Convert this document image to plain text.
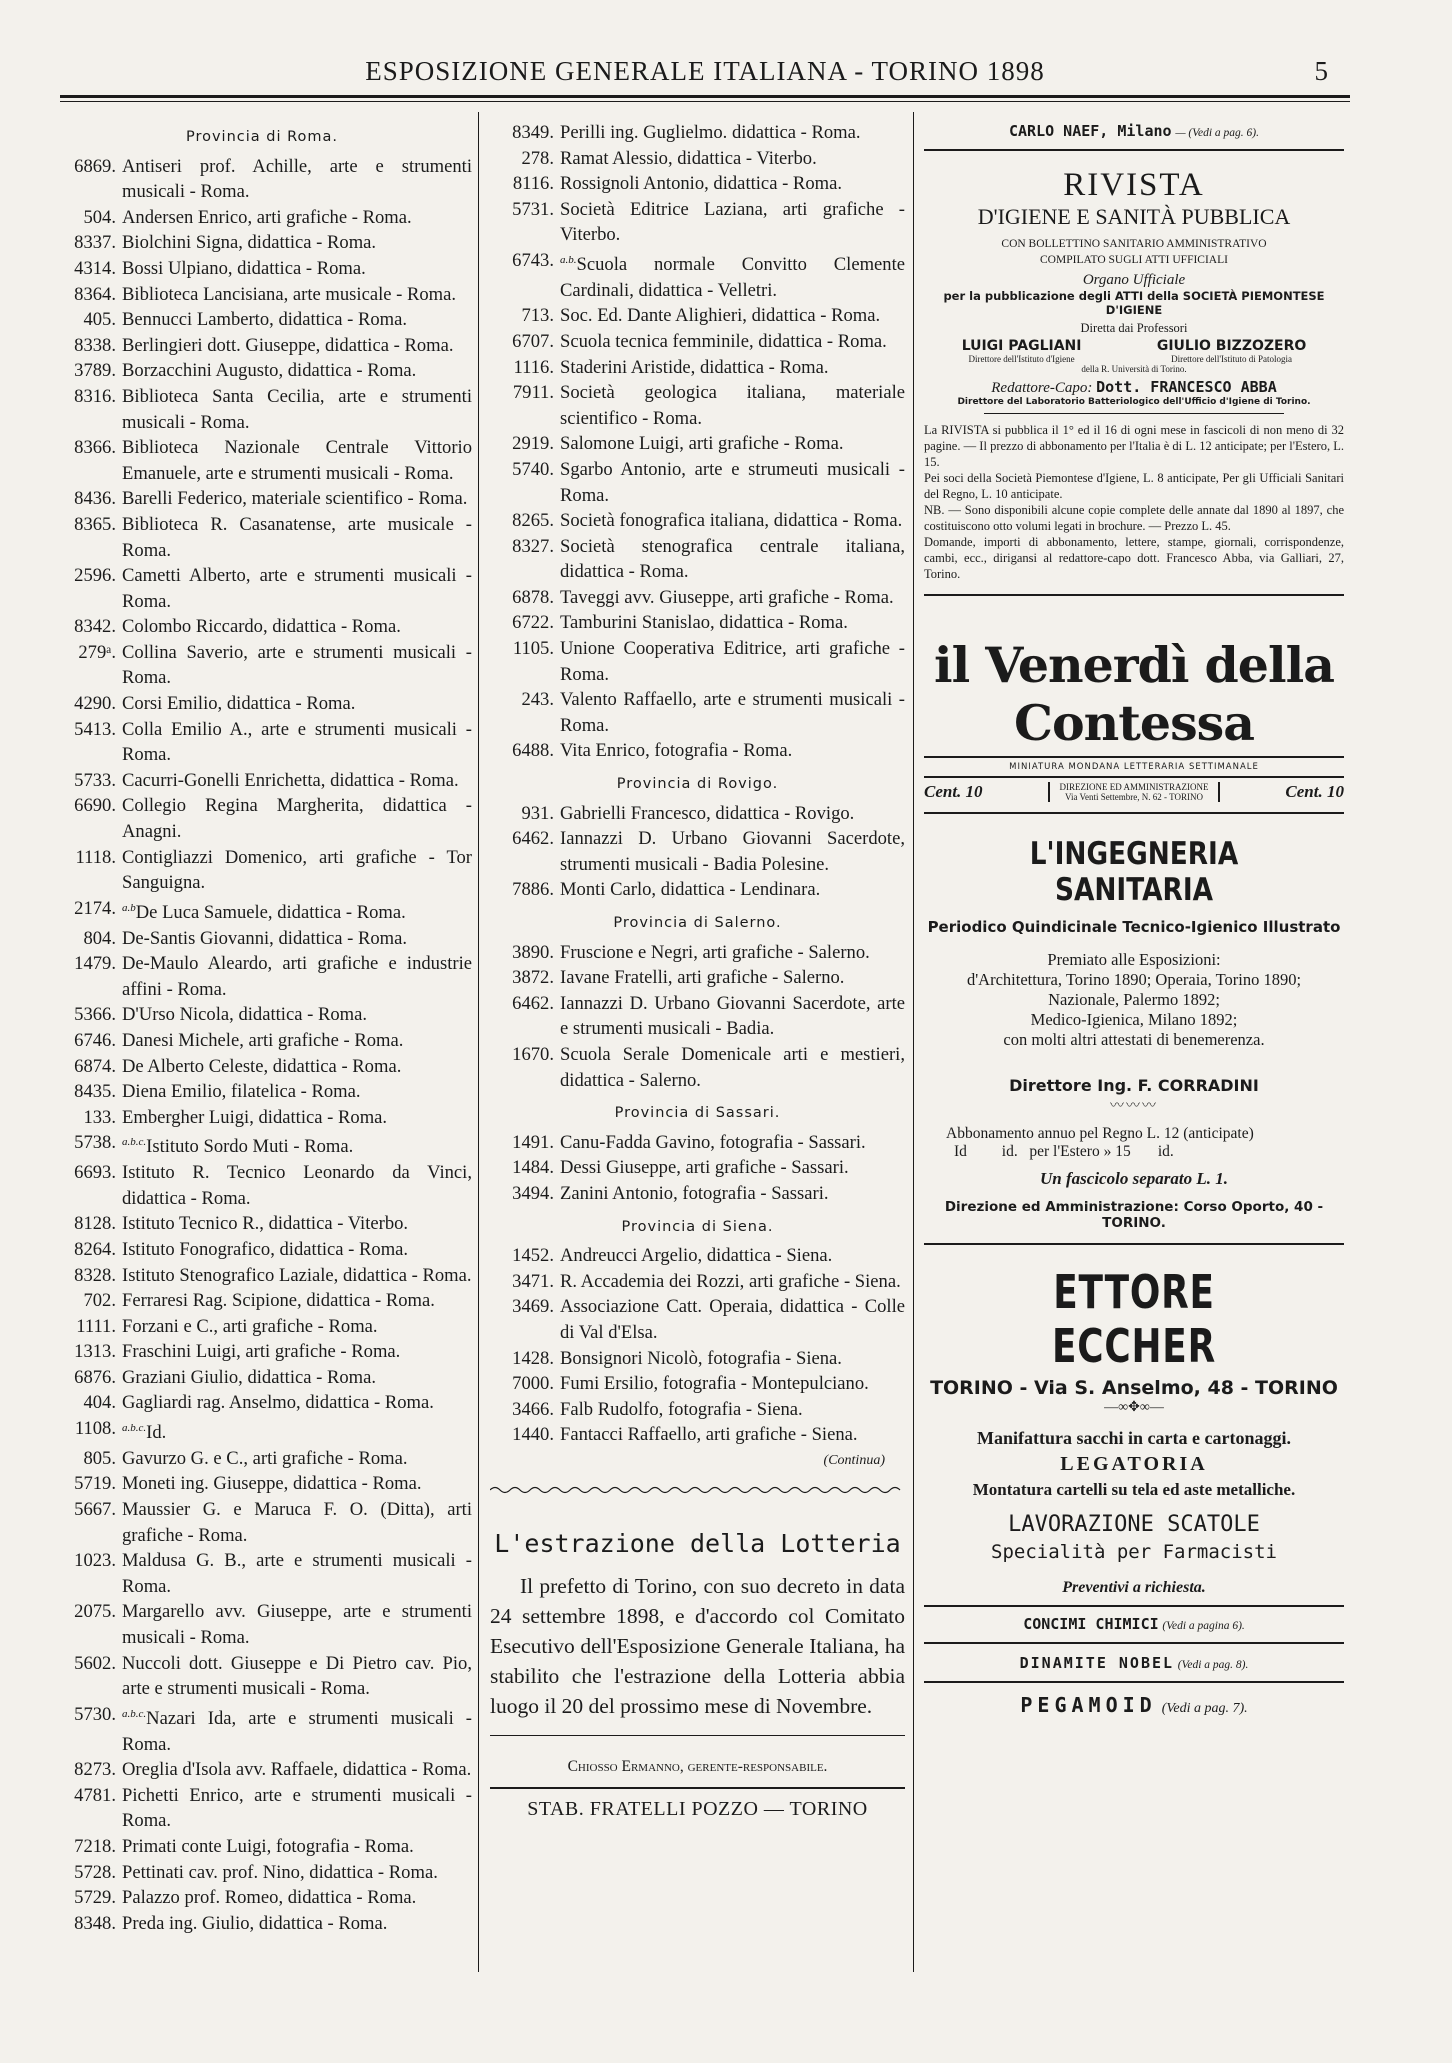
ESPOSIZIONE GENERALE ITALIANA - TORINO 1898	5
Provincia di Roma.
6869. Antiseri prof. Achille, arte e strumenti musicali - Roma.
504. Andersen Enrico, arti grafiche - Roma.
8337. Biolchini Signa, didattica - Roma.
4314. Bossi Ulpiano, didattica - Roma.
8364. Biblioteca Lancisiana, arte musicale - Roma.
405. Bennucci Lamberto, didattica - Roma.
8338. Berlingieri dott. Giuseppe, didattica - Roma.
3789. Borzacchini Augusto, didattica - Roma.
8316. Biblioteca Santa Cecilia, arte e strumenti musicali - Roma.
8366. Biblioteca Nazionale Centrale Vittorio Emanuele, arte e strumenti musicali - Roma.
8436. Barelli Federico, materiale scientifico - Roma.
8365. Biblioteca R. Casanatense, arte musicale - Roma.
2596. Cametti Alberto, arte e strumenti musicali - Roma.
8342. Colombo Riccardo, didattica - Roma.
279ᵃ. Collina Saverio, arte e strumenti musicali - Roma.
4290. Corsi Emilio, didattica - Roma.
5413. Colla Emilio A., arte e strumenti musicali - Roma.
5733. Cacurri-Gonelli Enrichetta, didattica - Roma.
6690. Collegio Regina Margherita, didattica - Anagni.
1118. Contigliazzi Domenico, arti grafiche - Tor Sanguigna.
2174. $^{a.b}$De Luca Samuele, didattica - Roma.
804. De-Santis Giovanni, didattica - Roma.
1479. De-Maulo Aleardo, arti grafiche e industrie affini - Roma.
5366. D'Urso Nicola, didattica - Roma.
6746. Danesi Michele, arti grafiche - Roma.
6874. De Alberto Celeste, didattica - Roma.
8435. Diena Emilio, filatelica - Roma.
133. Embergher Luigi, didattica - Roma.
5738. $^{a.b.c.}$Istituto Sordo Muti - Roma.
6693. Istituto R. Tecnico Leonardo da Vinci, didattica - Roma.
8128. Istituto Tecnico R., didattica - Viterbo.
8264. Istituto Fonografico, didattica - Roma.
8328. Istituto Stenografico Laziale, didattica - Roma.
702. Ferraresi Rag. Scipione, didattica - Roma.
1111. Forzani e C., arti grafiche - Roma.
1313. Fraschini Luigi, arti grafiche - Roma.
6876. Graziani Giulio, didattica - Roma.
404. Gagliardi rag. Anselmo, didattica - Roma.
1108. $^{a.b.c.}$Id.
805. Gavurzo G. e C., arti grafiche - Roma.
5719. Moneti ing. Giuseppe, didattica - Roma.
5667. Maussier G. e Maruca F. O. (Ditta), arti grafiche - Roma.
1023. Maldusa G. B., arte e strumenti musicali - Roma.
2075. Margarello avv. Giuseppe, arte e strumenti musicali - Roma.
5602. Nuccoli dott. Giuseppe e Di Pietro cav. Pio, arte e strumenti musicali - Roma.
5730. $^{a.b.c.}$Nazari Ida, arte e strumenti musicali - Roma.
8273. Oreglia d'Isola avv. Raffaele, didattica - Roma.
4781. Pichetti Enrico, arte e strumenti musicali - Roma.
7218. Primati conte Luigi, fotografia - Roma.
5728. Pettinati cav. prof. Nino, didattica - Roma.
5729. Palazzo prof. Romeo, didattica - Roma.
8348. Preda ing. Giulio, didattica - Roma.
8349. Perilli ing. Guglielmo. didattica - Roma.
278. Ramat Alessio, didattica - Viterbo.
8116. Rossignoli Antonio, didattica - Roma.
5731. Società Editrice Laziana, arti grafiche - Viterbo.
6743. $^{a.b.}$Scuola normale Convitto Clemente Cardinali, didattica - Velletri.
713. Soc. Ed. Dante Alighieri, didattica - Roma.
6707. Scuola tecnica femminile, didattica - Roma.
1116. Staderini Aristide, didattica - Roma.
7911. Società geologica italiana, materiale scientifico - Roma.
2919. Salomone Luigi, arti grafiche - Roma.
5740. Sgarbo Antonio, arte e strumeuti musicali - Roma.
8265. Società fonografica italiana, didattica - Roma.
8327. Società stenografica centrale italiana, didattica - Roma.
6878. Taveggi avv. Giuseppe, arti grafiche - Roma.
6722. Tamburini Stanislao, didattica - Roma.
1105. Unione Cooperativa Editrice, arti grafiche - Roma.
243. Valento Raffaello, arte e strumenti musicali - Roma.
6488. Vita Enrico, fotografia - Roma.
Provincia di Rovigo.
931. Gabrielli Francesco, didattica - Rovigo.
6462. Iannazzi D. Urbano Giovanni Sacerdote, strumenti musicali - Badia Polesine.
7886. Monti Carlo, didattica - Lendinara.
Provincia di Salerno.
3890. Fruscione e Negri, arti grafiche - Salerno.
3872. Iavane Fratelli, arti grafiche - Salerno.
6462. Iannazzi D. Urbano Giovanni Sacerdote, arte e strumenti musicali - Badia.
1670. Scuola Serale Domenicale arti e mestieri, didattica - Salerno.
Provincia di Sassari.
1491. Canu-Fadda Gavino, fotografia - Sassari.
1484. Dessi Giuseppe, arti grafiche - Sassari.
3494. Zanini Antonio, fotografia - Sassari.
Provincia di Siena.
1452. Andreucci Argelio, didattica - Siena.
3471. R. Accademia dei Rozzi, arti grafiche - Siena.
3469. Associazione Catt. Operaia, didattica - Colle di Val d'Elsa.
1428. Bonsignori Nicolò, fotografia - Siena.
7000. Fumi Ersilio, fotografia - Montepulciano.
3466. Falb Rudolfo, fotografia - Siena.
1440. Fantacci Raffaello, arti grafiche - Siena.
(Continua)
L'estrazione della Lotteria
Il prefetto di Torino, con suo decreto in data 24 settembre 1898, e d'accordo col Comitato Esecutivo dell'Esposizione Generale Italiana, ha stabilito che l'estrazione della Lotteria abbia luogo il 20 del prossimo mese di Novembre.
Chiosso Ermanno, gerente-responsabile.
STAB. FRATELLI POZZO — TORINO
CARLO NAEF, Milano — (Vedi a pag. 6).
RIVISTA
D'IGIENE E SANITÀ PUBBLICA
CON BOLLETTINO SANITARIO AMMINISTRATIVO
COMPILATO SUGLI ATTI UFFICIALI
Organo Ufficiale
per la pubblicazione degli ATTI della SOCIETÀ PIEMONTESE D'IGIENE
Diretta dai Professori
LUIGI PAGLIANI
Direttore dell'Istituto d'Igiene
GIULIO BIZZOZERO
Direttore dell'Istituto di Patologia
della R. Università di Torino.
Redattore-Capo: Dott. FRANCESCO ABBA
Direttore del Laboratorio Batteriologico dell'Ufficio d'Igiene di Torino.
La RIVISTA si pubblica il 1° ed il 16 di ogni mese in fascicoli di non meno di 32 pagine. — Il prezzo di abbonamento per l'Italia è di L. 12 anticipate; per l'Estero, L. 15.
Pei soci della Società Piemontese d'Igiene, L. 8 anticipate, Per gli Ufficiali Sanitari del Regno, L. 10 anticipate.
NB. — Sono disponibili alcune copie complete delle annate dal 1890 al 1897, che costituiscono otto volumi legati in brochure. — Prezzo L. 45.
Domande, importi di abbonamento, lettere, stampe, giornali, corrispondenze, cambi, ecc., dirigansi al redattore-capo dott. Francesco Abba, via Galliari, 27, Torino.
il Venerdì della Contessa
MINIATURA MONDANA LETTERARIA SETTIMANALE
Cent. 10	DIREZIONE ED AMMINISTRAZIONE
Via Venti Settembre, N. 62 - TORINO	Cent. 10
L'INGEGNERIA SANITARIA
Periodico Quindicinale Tecnico-Igienico Illustrato
Premiato alle Esposizioni:
d'Architettura, Torino 1890; Operaia, Torino 1890;
Nazionale, Palermo 1892;
Medico-Igienica, Milano 1892;
con molti altri attestati di benemerenza.
Direttore Ing. F. CORRADINI
〰〰〰
Abbonamento annuo pel Regno L. 12 (anticipate)
Id         id.   per l'Estero » 15       id.
Un fascicolo separato L. 1.
Direzione ed Amministrazione: Corso Oporto, 40 - TORINO.
ETTORE ECCHER
TORINO - Via S. Anselmo, 48 - TORINO
—∞✥∞—
Manifattura sacchi in carta e cartonaggi.
LEGATORIA
Montatura cartelli su tela ed aste metalliche.
LAVORAZIONE SCATOLE
Specialità per Farmacisti
Preventivi a richiesta.
CONCIMI CHIMICI (Vedi a pagina 6).
DINAMITE NOBEL (Vedi a pag. 8).
PEGAMOID (Vedi a pag. 7).
